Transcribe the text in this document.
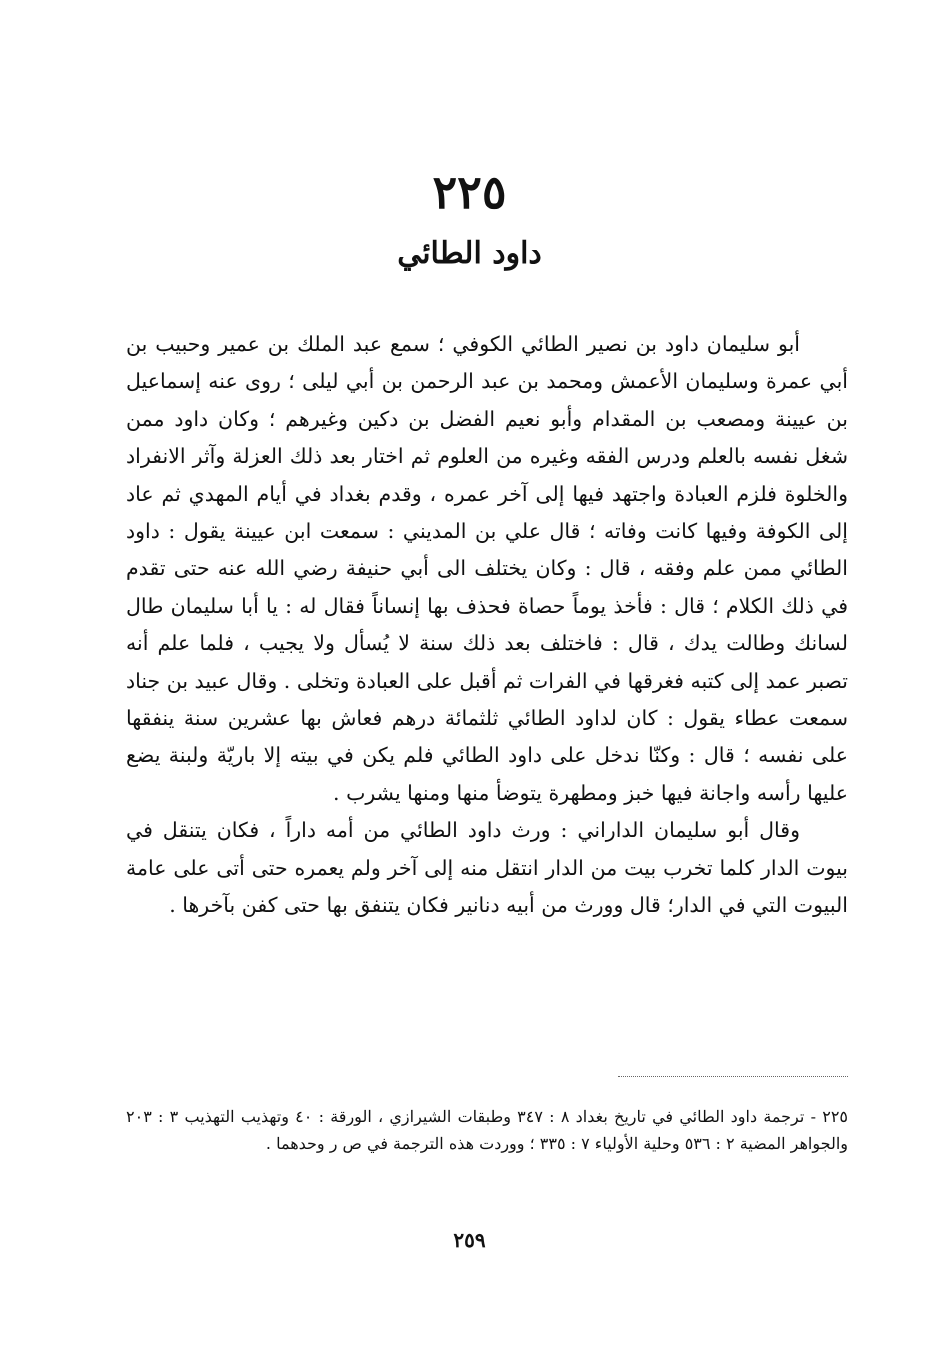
٢٢٥
داود الطائي

أبو سليمان داود بن نصير الطائي الكوفي ؛ سمع عبد الملك بن عمير وحبيب بن أبي عمرة وسليمان الأعمش ومحمد بن عبد الرحمن بن أبي ليلى ؛ روى عنه إسماعيل بن عيينة ومصعب بن المقدام وأبو نعيم الفضل بن دكين وغيرهم ؛ وكان داود ممن شغل نفسه بالعلم ودرس الفقه وغيره من العلوم ثم اختار بعد ذلك العزلة وآثر الانفراد والخلوة فلزم العبادة واجتهد فيها إلى آخر عمره ، وقدم بغداد في أيام المهدي ثم عاد إلى الكوفة وفيها كانت وفاته ؛ قال علي بن المديني : سمعت ابن عيينة يقول : داود الطائي ممن علم وفقه ، قال : وكان يختلف الى أبي حنيفة رضي الله عنه حتى تقدم في ذلك الكلام ؛ قال : فأخذ يوماً حصاة فحذف بها إنساناً فقال له : يا أبا سليمان طال لسانك وطالت يدك ، قال : فاختلف بعد ذلك سنة لا يُسأل ولا يجيب ، فلما علم أنه تصبر عمد إلى كتبه فغرقها في الفرات ثم أقبل على العبادة وتخلى . وقال عبيد بن جناد سمعت عطاء يقول : كان لداود الطائي ثلثمائة درهم فعاش بها عشرين سنة ينفقها على نفسه ؛ قال : وكنّا ندخل على داود الطائي فلم يكن في بيته إلا باريّة ولبنة يضع عليها رأسه واجانة فيها خبز ومطهرة يتوضأ منها ومنها يشرب .

وقال أبو سليمان الداراني : ورث داود الطائي من أمه داراً ، فكان يتنقل في بيوت الدار كلما تخرب بيت من الدار انتقل منه إلى آخر ولم يعمره حتى أتى على عامة البيوت التي في الدار؛ قال وورث من أبيه دنانير فكان يتنفق بها حتى كفن بآخرها .

٢٢٥ - ترجمة داود الطائي في تاريخ بغداد ٨ : ٣٤٧ وطبقات الشيرازي ، الورقة : ٤٠ وتهذيب التهذيب ٣ : ٢٠٣ والجواهر المضية ٢ : ٥٣٦ وحلية الأولياء ٧ : ٣٣٥ ؛ ووردت هذه الترجمة في ص ر وحدهما .

٢٥٩
